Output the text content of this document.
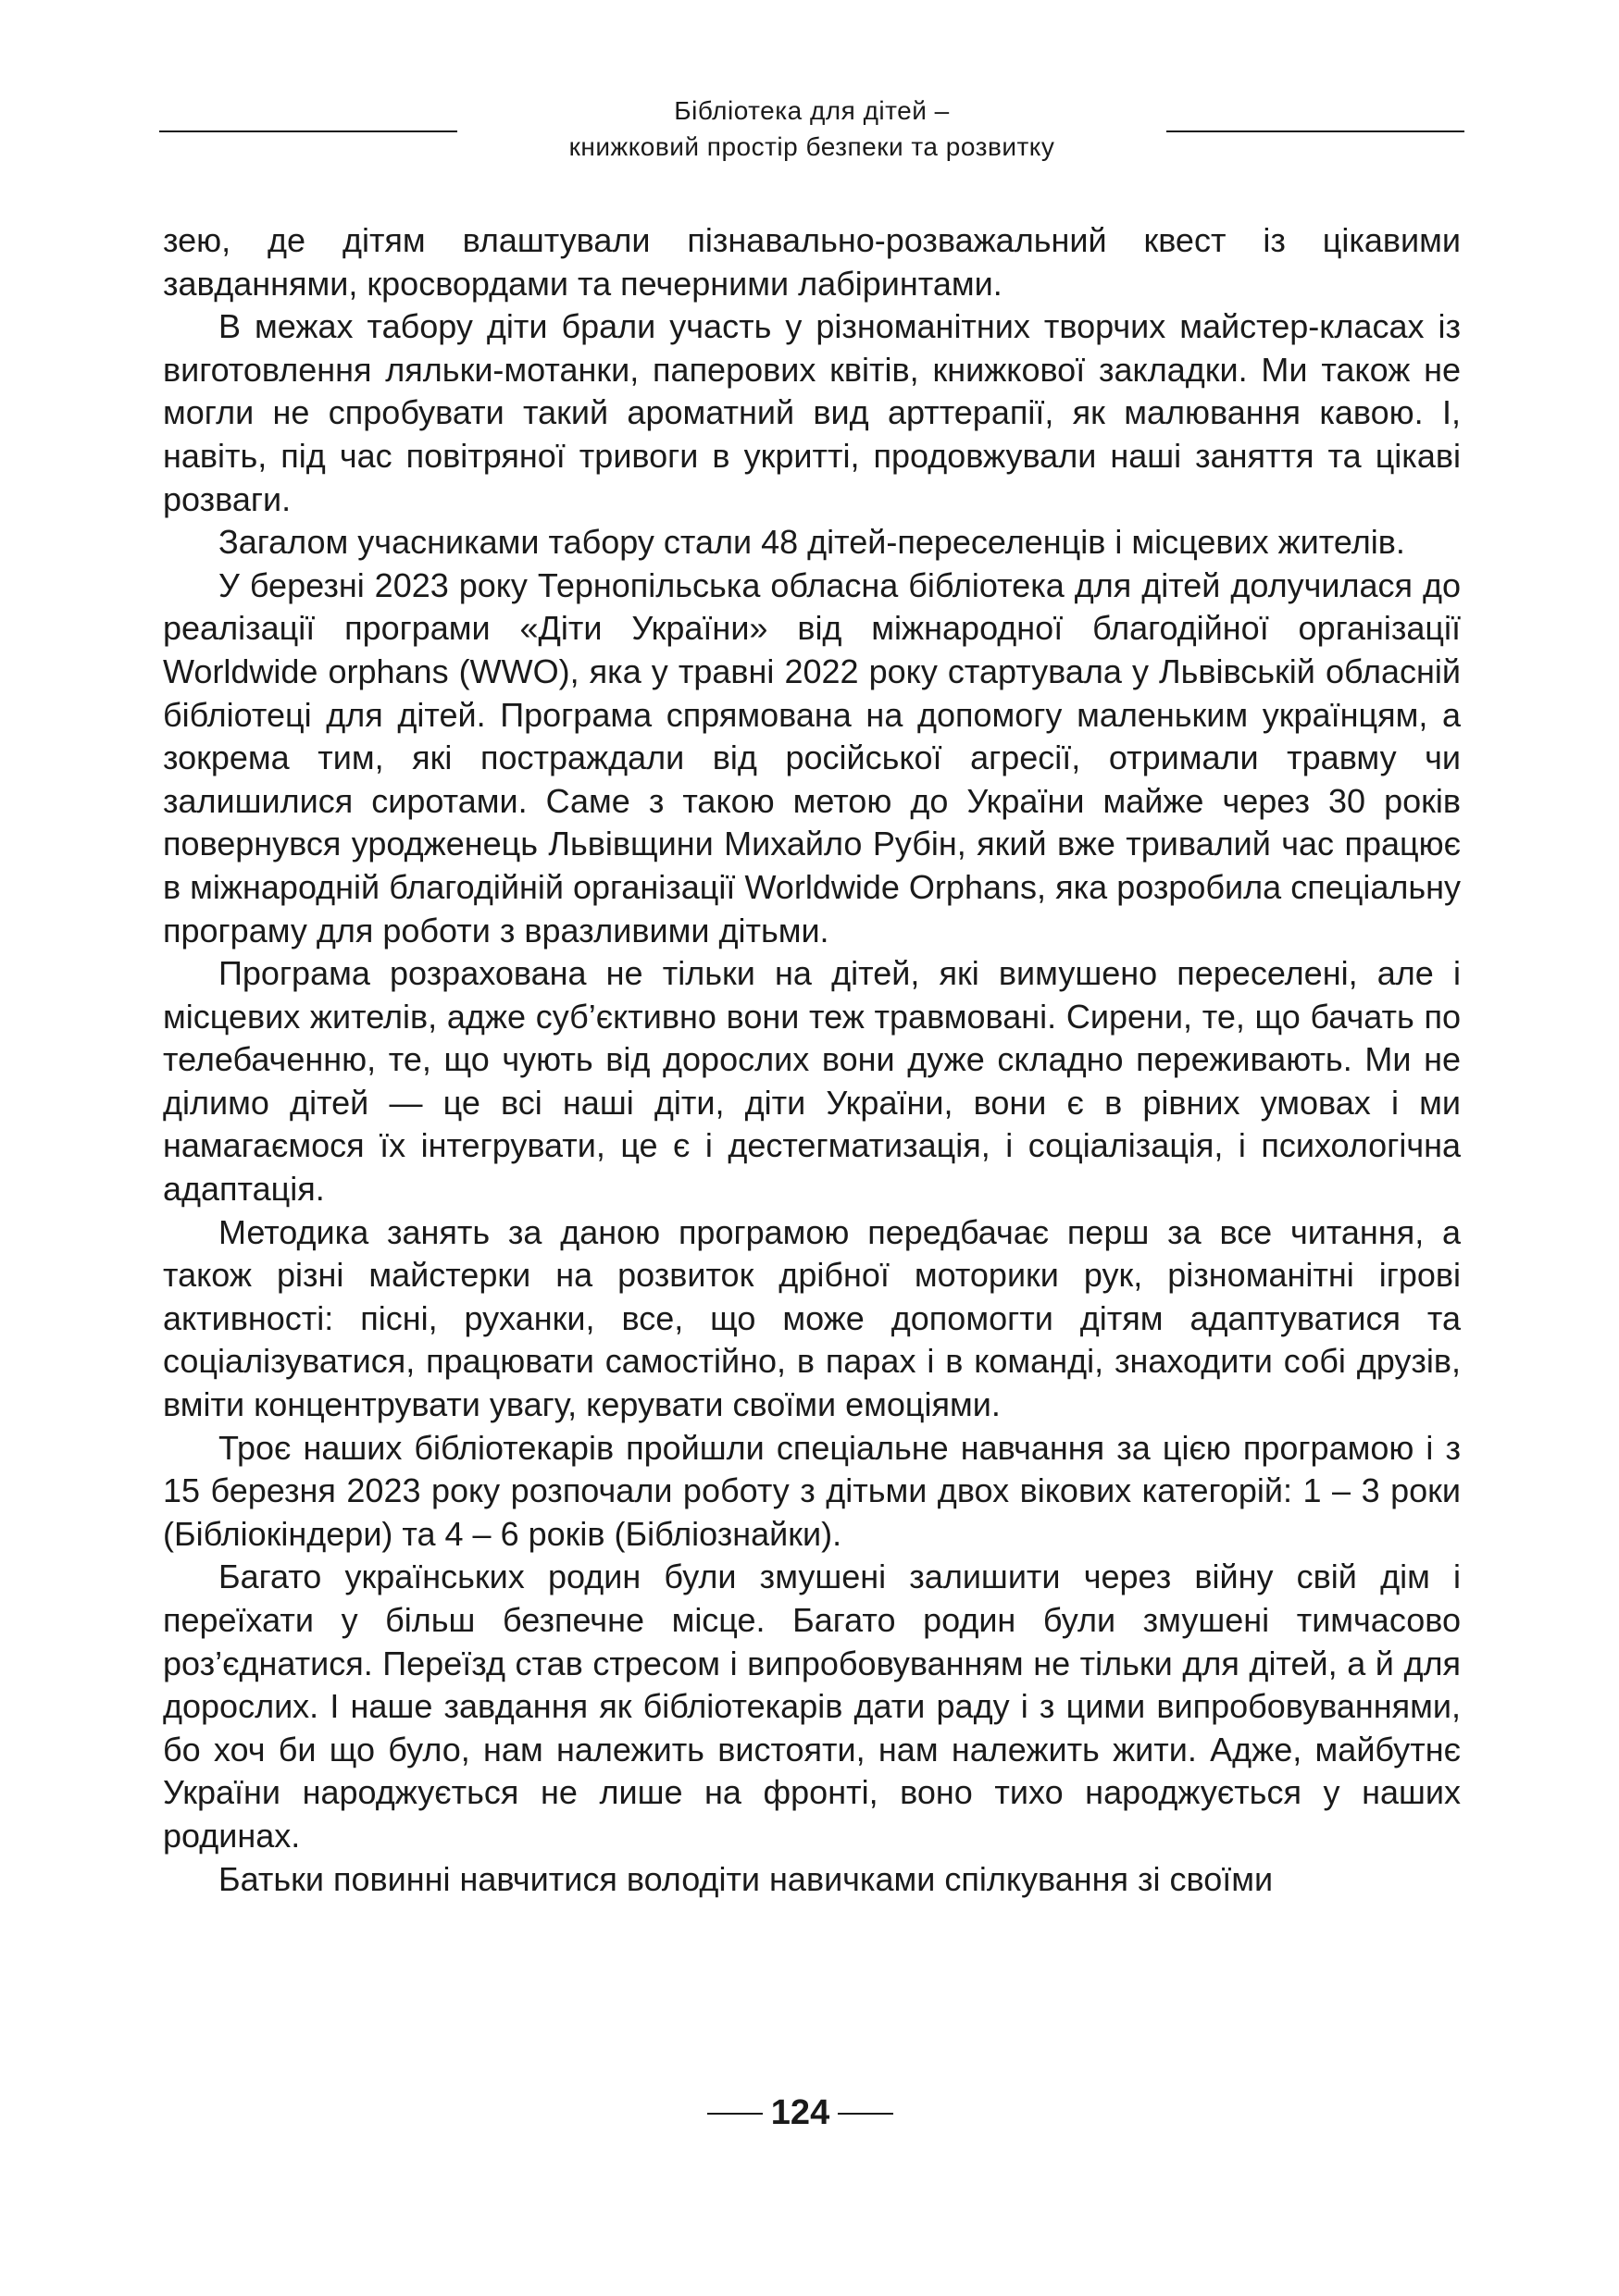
Бібліотека для дітей –
книжковий простір безпеки та розвитку

зею, де дітям влаштували пізнавально-розважальний квест із цікавими завданнями, кросвордами та печерними лабіринтами.

В межах табору діти брали участь у різноманітних творчих майстер-класах із виготовлення ляльки-мотанки, паперових квітів, книжкової закладки. Ми також не могли не спробувати такий ароматний вид арттерапії, як малювання кавою. І, навіть, під час повітряної тривоги в укритті, продовжували наші заняття та цікаві розваги.

Загалом учасниками табору стали 48 дітей-переселенців і місцевих жителів.

У березні 2023 року Тернопільська обласна бібліотека для дітей долучилася до реалізації програми «Діти України» від міжнародної благодійної організації Worldwide orphans (WWO), яка у травні 2022 року стартувала у Львівській обласній бібліотеці для дітей. Програма спрямована на допомогу маленьким українцям, а зокрема тим, які постраждали від російської агресії, отримали травму чи залишилися сиротами. Саме з такою метою до України майже через 30 років повернувся уродженець Львівщини Михайло Рубін, який вже тривалий час працює в міжнародній благодійній організації Worldwide Orphans, яка розробила спеціальну програму для роботи з вразливими дітьми.

Програма розрахована не тільки на дітей, які вимушено переселені, але і місцевих жителів, адже суб’єктивно вони теж травмовані. Сирени, те, що бачать по телебаченню, те, що чують від дорослих вони дуже складно переживають. Ми не ділимо дітей — це всі наші діти, діти України, вони є в рівних умовах і ми намагаємося їх інтегрувати, це є і дестегматизація, і соціалізація, і психологічна адаптація.

Методика занять за даною програмою передбачає перш за все читання, а також різні майстерки на розвиток дрібної моторики рук, різноманітні ігрові активності: пісні, руханки, все, що може допомогти дітям адаптуватися та соціалізуватися, працювати самостійно, в парах і в команді, знаходити собі друзів, вміти концентрувати увагу, керувати своїми емоціями.

Троє наших бібліотекарів пройшли спеціальне навчання за цією програмою і з 15 березня 2023 року розпочали роботу з дітьми двох вікових категорій: 1 – 3 роки (Бібліокіндери) та 4 – 6 років (Бібліознайки).

Багато українських родин були змушені залишити через війну свій дім і переїхати у більш безпечне місце. Багато родин були змушені тимчасово роз’єднатися. Переїзд став стресом і випробовуванням не тільки для дітей, а й для дорослих. І наше завдання як бібліотекарів дати раду і з цими випробовуваннями, бо хоч би що було, нам належить вистояти, нам належить жити. Адже, майбутнє України народжується не лише на фронті, воно тихо народжується у наших родинах.

Батьки повинні навчитися володіти навичками спілкування зі своїми

124
